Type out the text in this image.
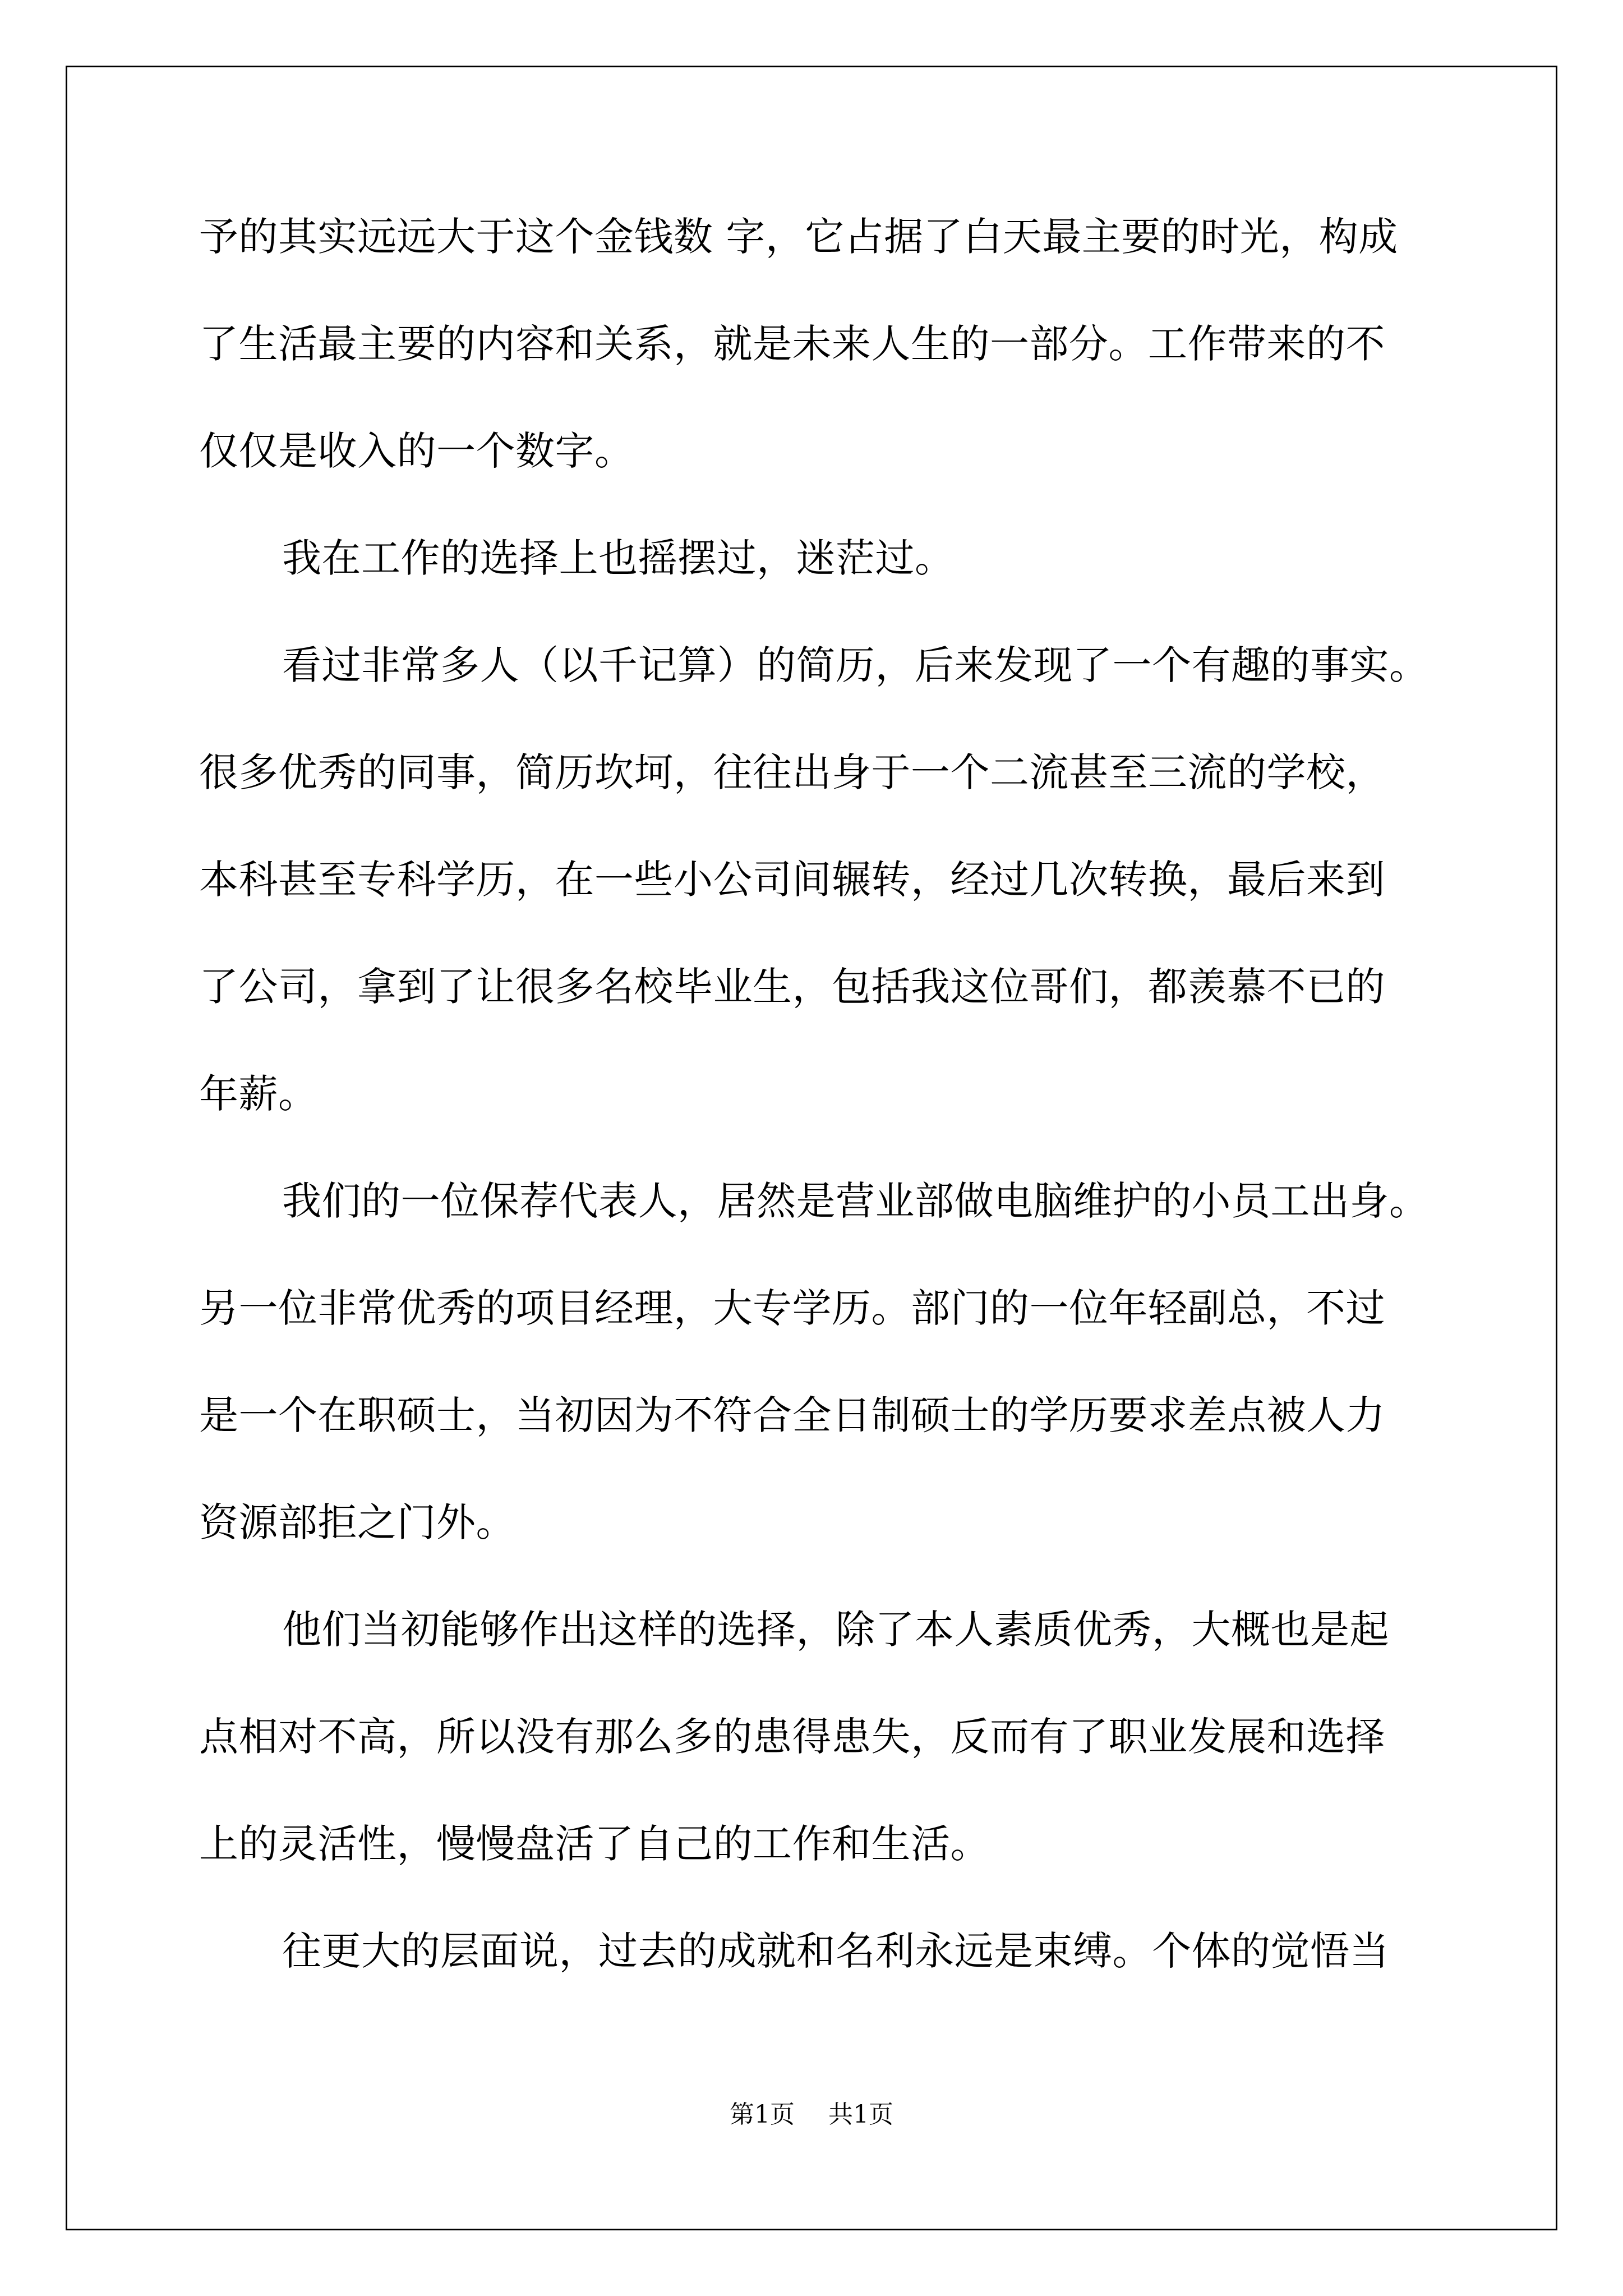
予的其实远远大于这个金钱数 字，它占据了白天最主要的时光，构成
了生活最主要的内容和关系，就是未来人生的一部分。工作带来的不
仅仅是收入的一个数字。
我在工作的选择上也摇摆过，迷茫过。
看过非常多人（以千记算）的简历，后来发现了一个有趣的事实。
很多优秀的同事，简历坎坷，往往出身于一个二流甚至三流的学校，
本科甚至专科学历，在一些小公司间辗转，经过几次转换，最后来到
了公司，拿到了让很多名校毕业生，包括我这位哥们，都羡慕不已的
年薪。
我们的一位保荐代表人，居然是营业部做电脑维护的小员工出身。
另一位非常优秀的项目经理，大专学历。部门的一位年轻副总，不过
是一个在职硕士，当初因为不符合全日制硕士的学历要求差点被人力
资源部拒之门外。
他们当初能够作出这样的选择，除了本人素质优秀，大概也是起
点相对不高，所以没有那么多的患得患失，反而有了职业发展和选择
上的灵活性，慢慢盘活了自己的工作和生活。
往更大的层面说，过去的成就和名利永远是束缚。个体的觉悟当
第1页 共1页
